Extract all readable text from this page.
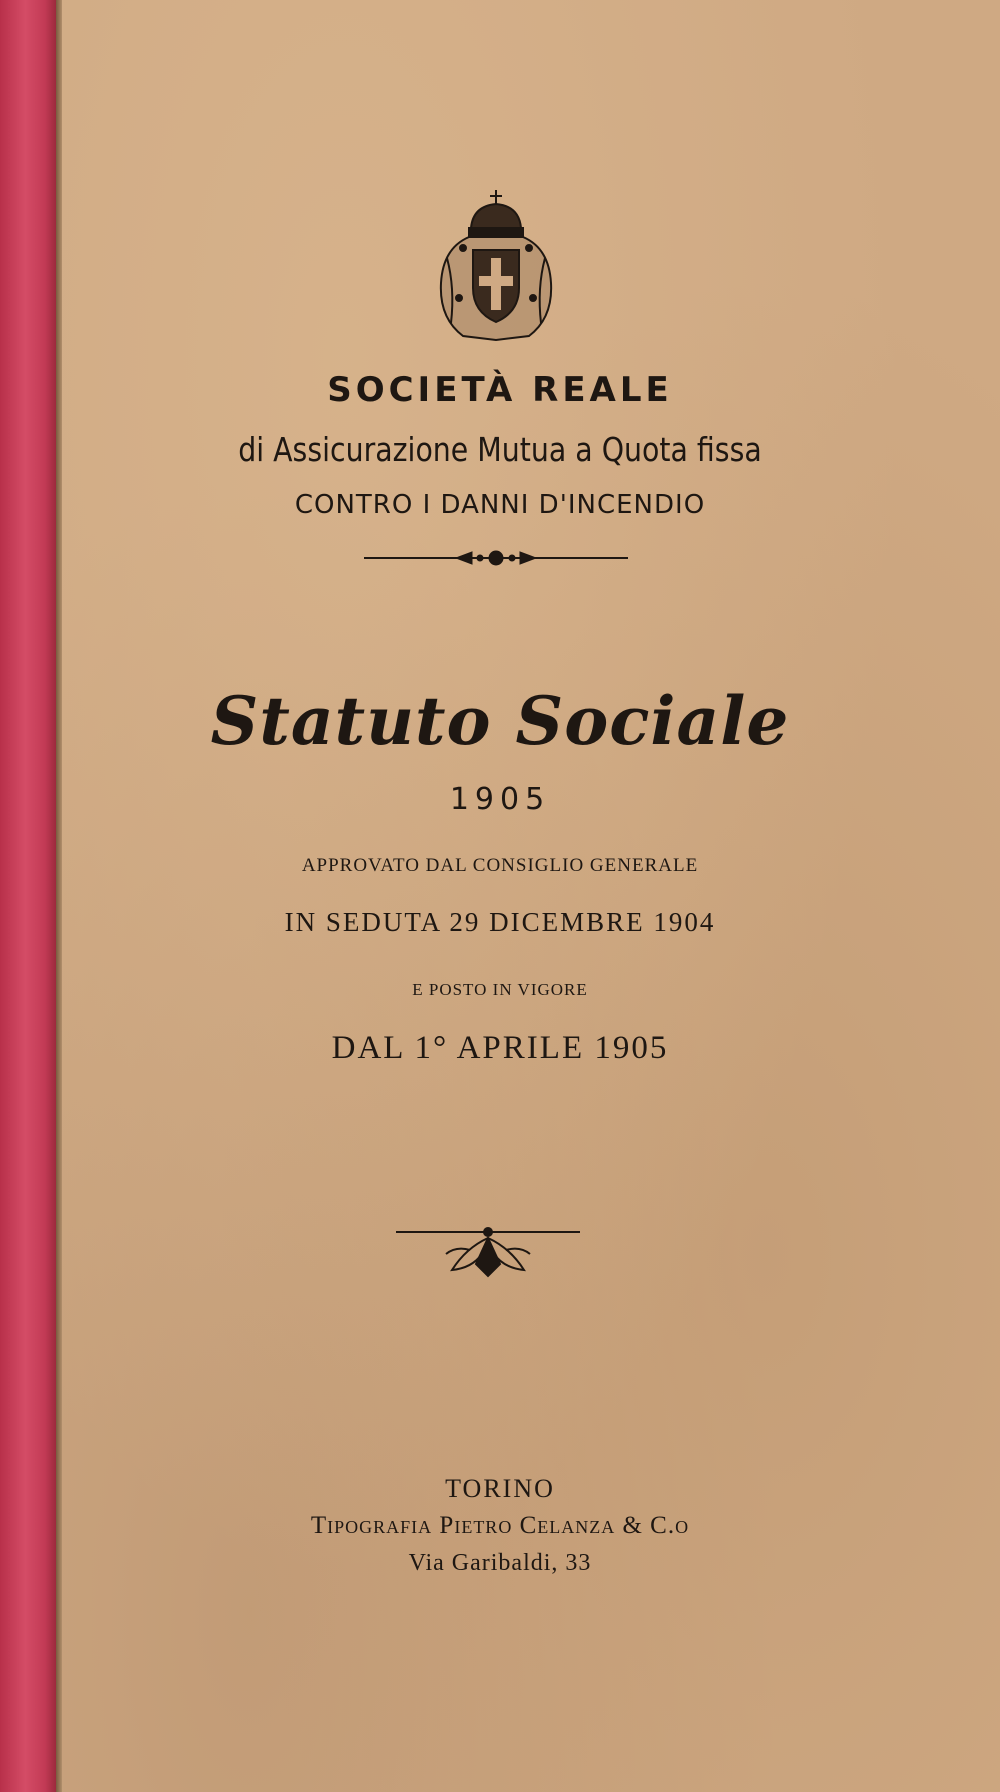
SOCIETÀ REALE
di Assicurazione Mutua a Quota fissa
CONTRO I DANNI D'INCENDIO
Statuto Sociale
1905
APPROVATO DAL CONSIGLIO GENERALE
IN SEDUTA 29 DICEMBRE 1904
E POSTO IN VIGORE
DAL 1° APRILE 1905
TORINO
Tipografia Pietro Celanza & C.o
Via Garibaldi, 33
